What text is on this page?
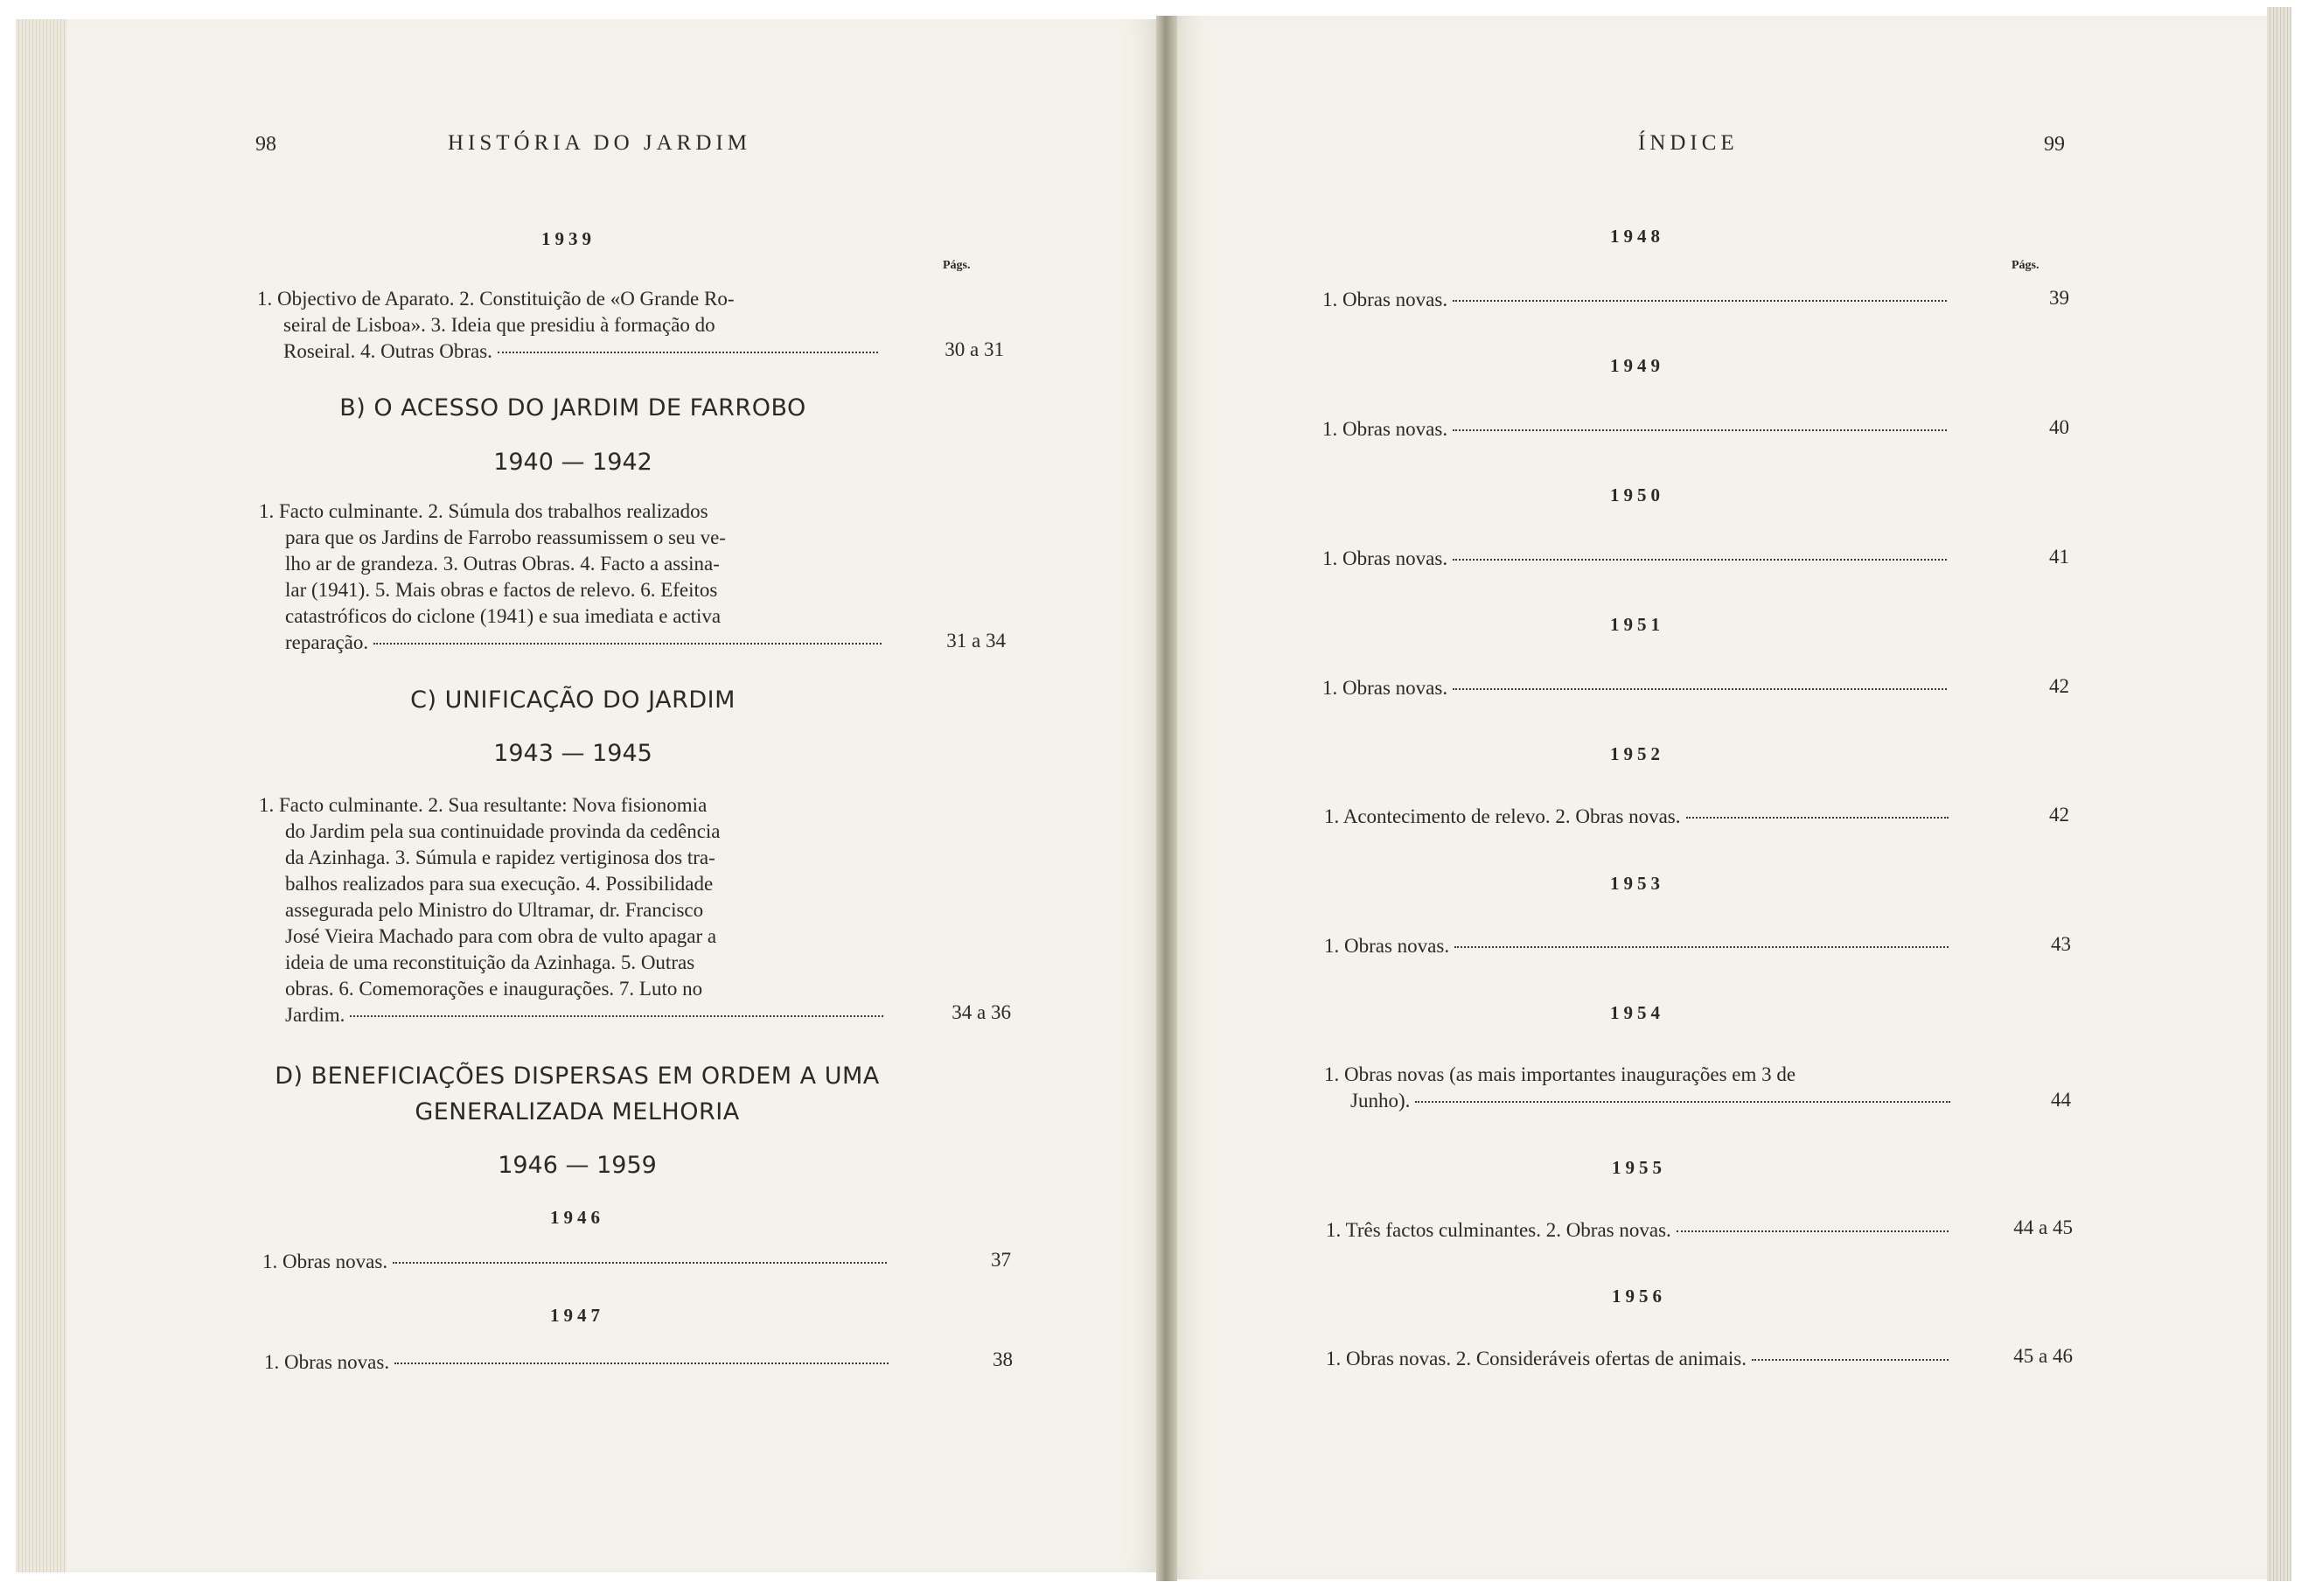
98	HISTÓRIA DO JARDIM
1939
Págs.
1. Objectivo de Aparato. 2. Constituição de «O Grande Ro-
seiral de Lisboa». 3. Ideia que presidiu à formação do
Roseiral. 4. Outras Obras.	30 a 31
B) O ACESSO DO JARDIM DE FARROBO
1940 — 1942
1. Facto culminante. 2. Súmula dos trabalhos realizados
para que os Jardins de Farrobo reassumissem o seu ve-
lho ar de grandeza. 3. Outras Obras. 4. Facto a assina-
lar (1941). 5. Mais obras e factos de relevo. 6. Efeitos
catastróficos do ciclone (1941) e sua imediata e activa
reparação.	31 a 34
C) UNIFICAÇÃO DO JARDIM
1943 — 1945
1. Facto culminante. 2. Sua resultante: Nova fisionomia
do Jardim pela sua continuidade provinda da cedência
da Azinhaga. 3. Súmula e rapidez vertiginosa dos tra-
balhos realizados para sua execução. 4. Possibilidade
assegurada pelo Ministro do Ultramar, dr. Francisco
José Vieira Machado para com obra de vulto apagar a
ideia de uma reconstituição da Azinhaga. 5. Outras
obras. 6. Comemorações e inaugurações. 7. Luto no
Jardim.	34 a 36
D) BENEFICIAÇÕES DISPERSAS EM ORDEM A UMA
GENERALIZADA MELHORIA
1946 — 1959
1946
1. Obras novas.	37
1947
1. Obras novas.	38
ÍNDICE	99
1948
Págs.
1. Obras novas.	39
1949
1. Obras novas.	40
1950
1. Obras novas.	41
1951
1. Obras novas.	42
1952
1. Acontecimento de relevo. 2. Obras novas.	42
1953
1. Obras novas.	43
1954
1. Obras novas (as mais importantes inaugurações em 3 de
Junho).	44
1955
1. Três factos culminantes. 2. Obras novas.	44 a 45
1956
1. Obras novas. 2. Consideráveis ofertas de animais.	45 a 46
